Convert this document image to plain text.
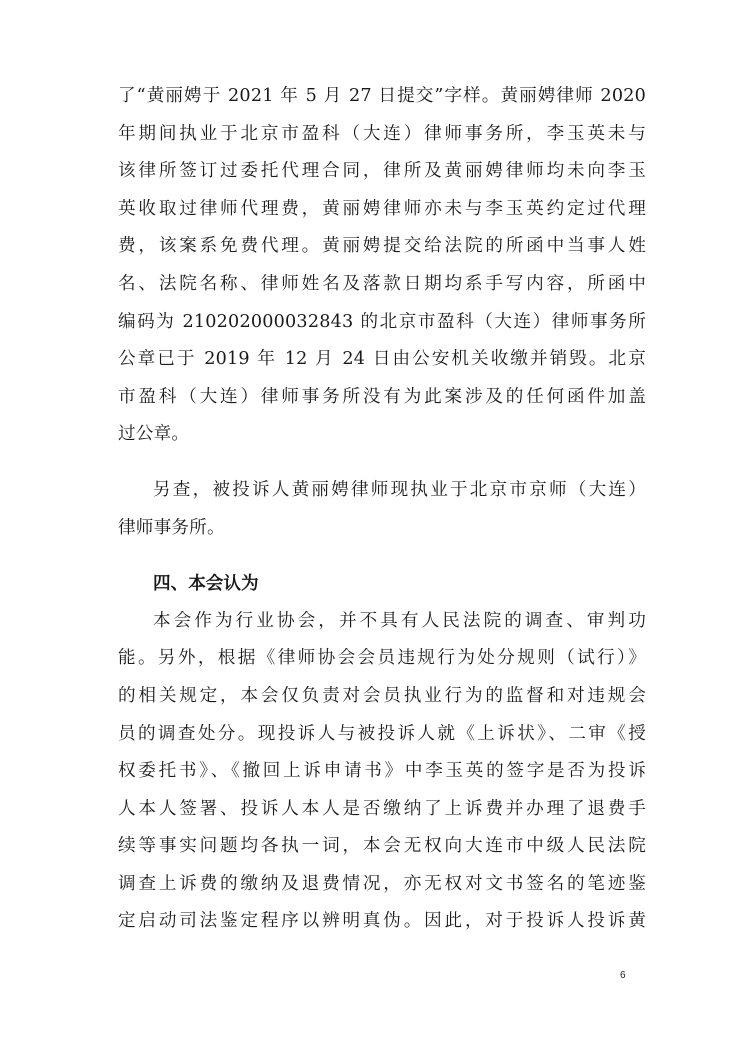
了“黄丽娉于 2021 年 5 月 27 日提交”字样。黄丽娉律师 2020
年期间执业于北京市盈科（大连）律师事务所，李玉英未与
该律所签订过委托代理合同，律所及黄丽娉律师均未向李玉
英收取过律师代理费，黄丽娉律师亦未与李玉英约定过代理
费，该案系免费代理。黄丽娉提交给法院的所函中当事人姓
名、法院名称、律师姓名及落款日期均系手写内容，所函中
编码为 210202000032843 的北京市盈科（大连）律师事务所
公章已于 2019 年 12 月 24 日由公安机关收缴并销毁。北京
市盈科（大连）律师事务所没有为此案涉及的任何函件加盖
过公章。
另查，被投诉人黄丽娉律师现执业于北京市京师（大连）
律师事务所。
四、本会认为
本会作为行业协会，并不具有人民法院的调查、审判功
能。另外，根据《律师协会会员违规行为处分规则（试行）》
的相关规定，本会仅负责对会员执业行为的监督和对违规会
员的调查处分。现投诉人与被投诉人就《上诉状》、二审《授
权委托书》、《撤回上诉申请书》中李玉英的签字是否为投诉
人本人签署、投诉人本人是否缴纳了上诉费并办理了退费手
续等事实问题均各执一词，本会无权向大连市中级人民法院
调查上诉费的缴纳及退费情况，亦无权对文书签名的笔迹鉴
定启动司法鉴定程序以辨明真伪。因此，对于投诉人投诉黄
6
